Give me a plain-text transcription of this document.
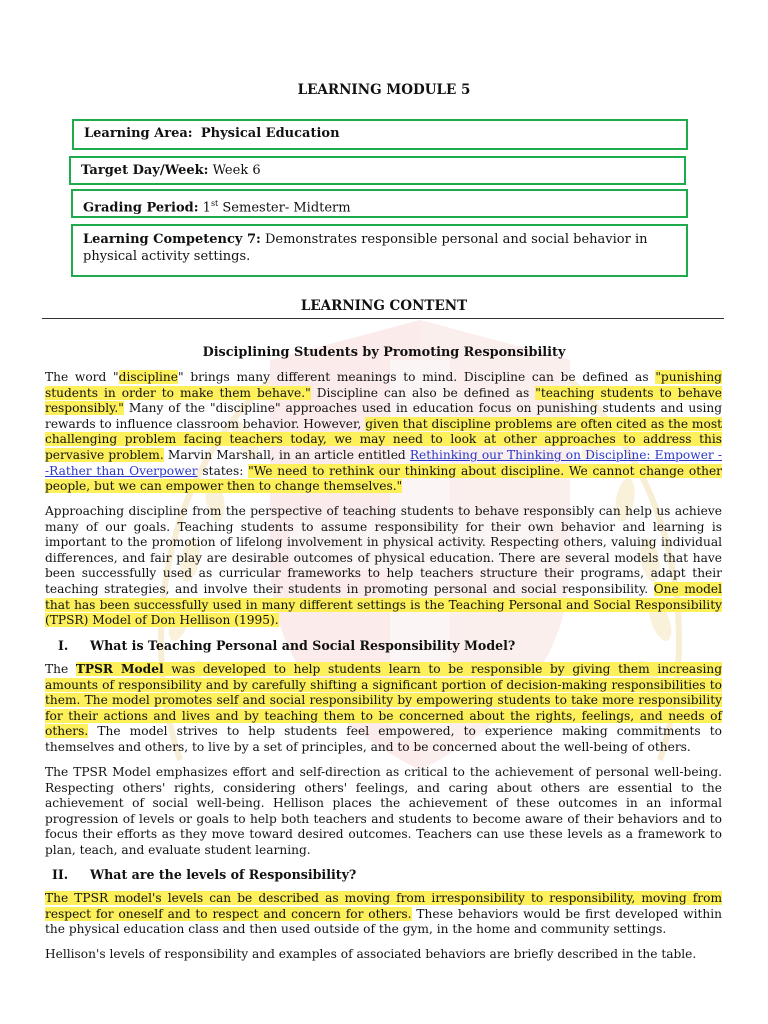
LEARNING MODULE 5
Learning Area: Physical Education
Target Day/Week: Week 6
Grading Period: 1st Semester- Midterm
Learning Competency 7: Demonstrates responsible personal and social behavior in physical activity settings.
LEARNING CONTENT
Disciplining Students by Promoting Responsibility

The word "discipline" brings many different meanings to mind. Discipline can be defined as "punishing students in order to make them behave." Discipline can also be defined as "teaching students to behave responsibly." Many of the "discipline" approaches used in education focus on punishing students and using rewards to influence classroom behavior. However, given that discipline problems are often cited as the most challenging problem facing teachers today, we may need to look at other approaches to address this pervasive problem. Marvin Marshall, in an article entitled Rethinking our Thinking on Discipline: Empower --Rather than Overpower states: "We need to rethink our thinking about discipline. We cannot change other people, but we can empower then to change themselves."

Approaching discipline from the perspective of teaching students to behave responsibly can help us achieve many of our goals. Teaching students to assume responsibility for their own behavior and learning is important to the promotion of lifelong involvement in physical activity. Respecting others, valuing individual differences, and fair play are desirable outcomes of physical education. There are several models that have been successfully used as curricular frameworks to help teachers structure their programs, adapt their teaching strategies, and involve their students in promoting personal and social responsibility. One model that has been successfully used in many different settings is the Teaching Personal and Social Responsibility (TPSR) Model of Don Hellison (1995).

I. What is Teaching Personal and Social Responsibility Model?

The TPSR Model was developed to help students learn to be responsible by giving them increasing amounts of responsibility and by carefully shifting a significant portion of decision-making responsibilities to them. The model promotes self and social responsibility by empowering students to take more responsibility for their actions and lives and by teaching them to be concerned about the rights, feelings, and needs of others. The model strives to help students feel empowered, to experience making commitments to themselves and others, to live by a set of principles, and to be concerned about the well-being of others.

The TPSR Model emphasizes effort and self-direction as critical to the achievement of personal well-being. Respecting others' rights, considering others' feelings, and caring about others are essential to the achievement of social well-being. Hellison places the achievement of these outcomes in an informal progression of levels or goals to help both teachers and students to become aware of their behaviors and to focus their efforts as they move toward desired outcomes. Teachers can use these levels as a framework to plan, teach, and evaluate student learning.

II. What are the levels of Responsibility?

The TPSR model's levels can be described as moving from irresponsibility to responsibility, moving from respect for oneself and to respect and concern for others. These behaviors would be first developed within the physical education class and then used outside of the gym, in the home and community settings.

Hellison's levels of responsibility and examples of associated behaviors are briefly described in the table.
